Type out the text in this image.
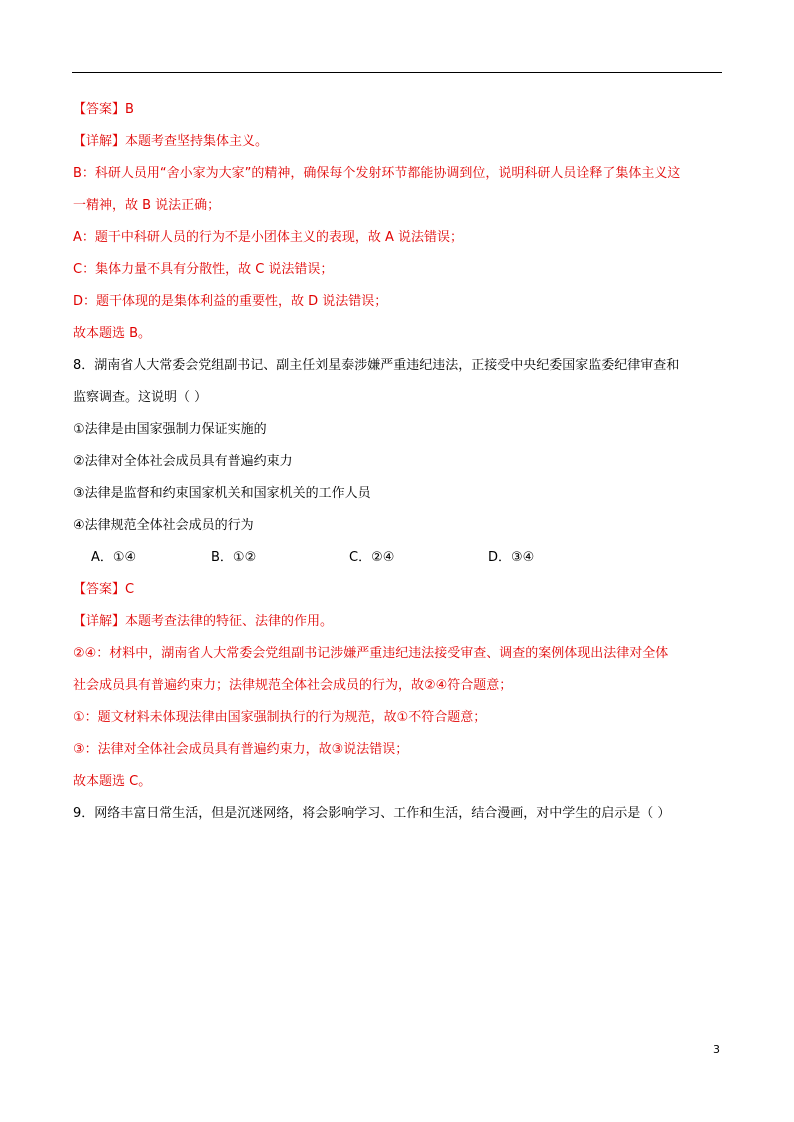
【答案】B
【详解】本题考查坚持集体主义。
B：科研人员用“舍小家为大家”的精神，确保每个发射环节都能协调到位，说明科研人员诠释了集体主义这
一精神，故 B 说法正确；
A：题干中科研人员的行为不是小团体主义的表现，故 A 说法错误；
C：集体力量不具有分散性，故 C 说法错误；
D：题干体现的是集体利益的重要性，故 D 说法错误；
故本题选 B。
8．湖南省人大常委会党组副书记、副主任刘星泰涉嫌严重违纪违法，正接受中央纪委国家监委纪律审查和
监察调查。这说明（ ）
①法律是由国家强制力保证实施的
②法律对全体社会成员具有普遍约束力
③法律是监督和约束国家机关和国家机关的工作人员
④法律规范全体社会成员的行为
A．①④	B．①②	C．②④	D．③④
【答案】C
【详解】本题考查法律的特征、法律的作用。
②④：材料中，湖南省人大常委会党组副书记涉嫌严重违纪违法接受审查、调查的案例体现出法律对全体
社会成员具有普遍约束力；法律规范全体社会成员的行为，故②④符合题意；
①：题文材料未体现法律由国家强制执行的行为规范，故①不符合题意；
③：法律对全体社会成员具有普遍约束力，故③说法错误；
故本题选 C。
9．网络丰富日常生活，但是沉迷网络，将会影响学习、工作和生活，结合漫画，对中学生的启示是（ ）
3
